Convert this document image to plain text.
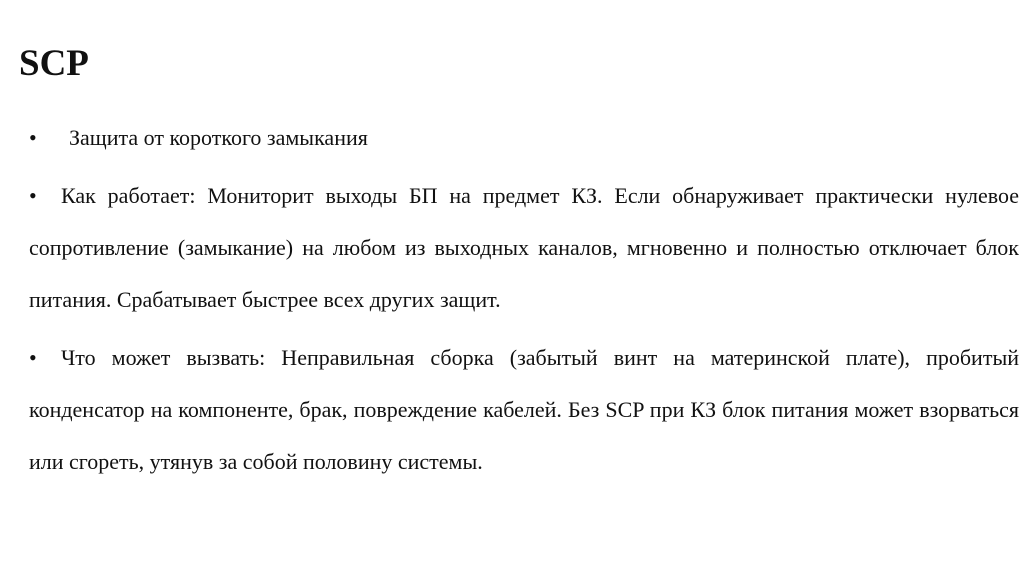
SCP
• Защита от короткого замыкания
• Как работает: Мониторит выходы БП на предмет КЗ. Если обнаруживает практически нулевое сопротивление (замыкание) на любом из выходных каналов, мгновенно и полностью отключает блок питания. Срабатывает быстрее всех других защит.
• Что может вызвать: Неправильная сборка (забытый винт на материнской плате), пробитый конденсатор на компоненте, брак, повреждение кабелей. Без SCP при КЗ блок питания может взорваться или сгореть, утянув за собой половину системы.
